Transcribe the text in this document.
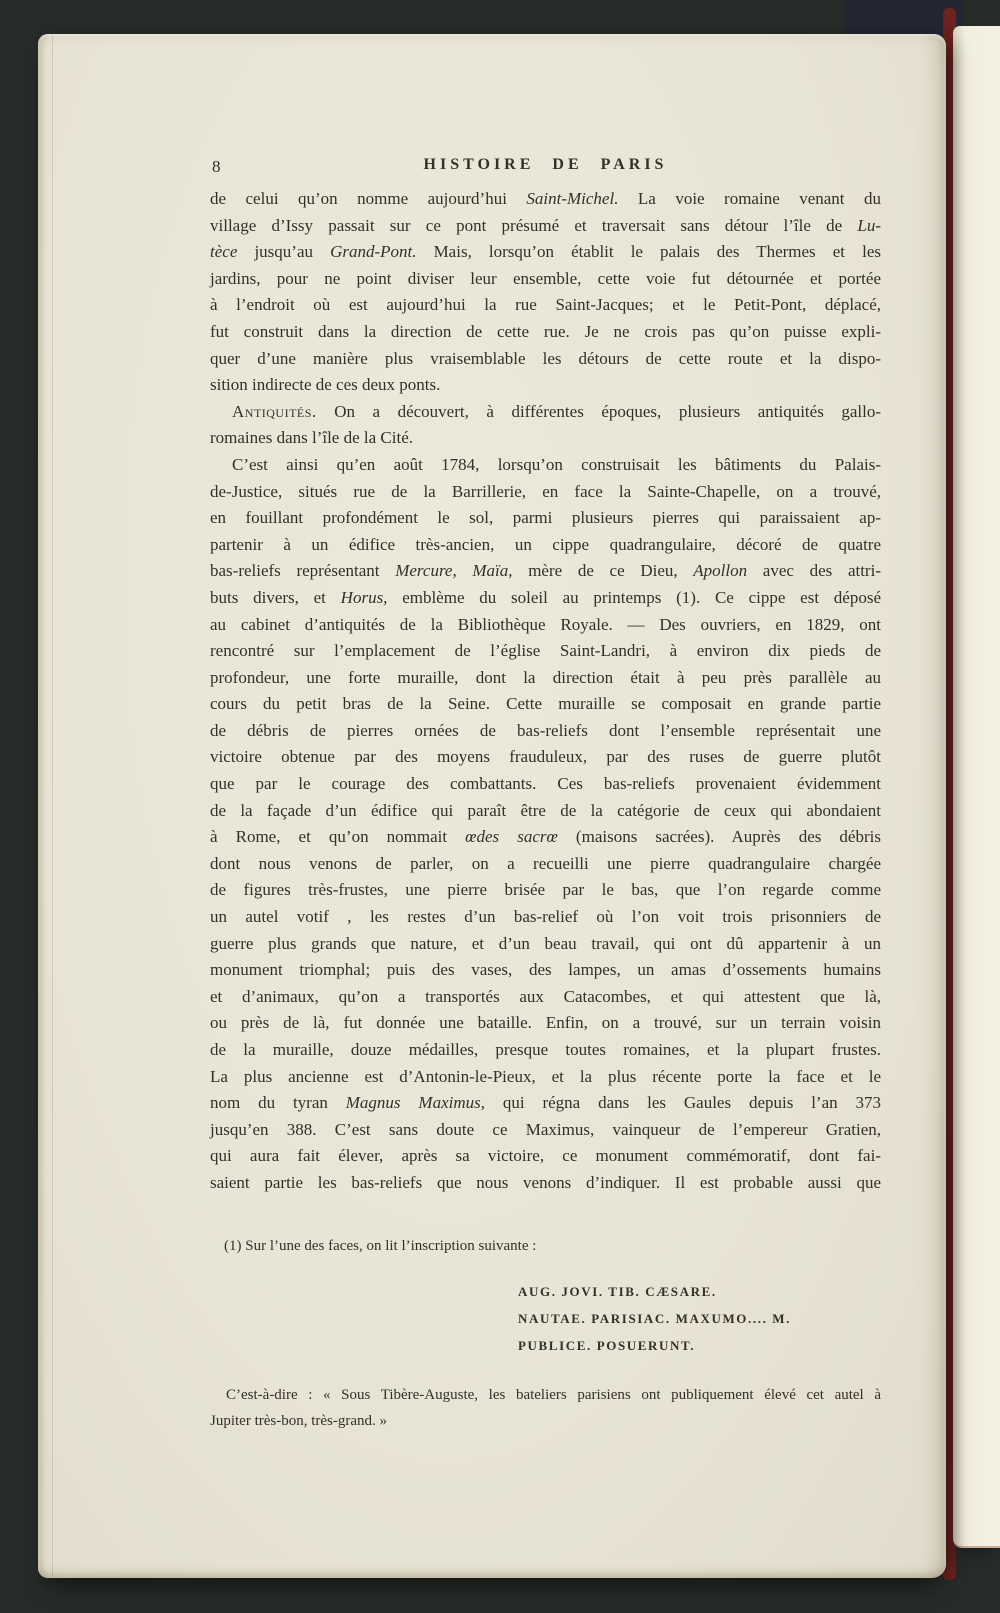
8	HISTOIRE DE PARIS
de celui qu’on nomme aujourd’hui Saint-Michel. La voie romaine venant du
village d’Issy passait sur ce pont présumé et traversait sans détour l’île de Lu-
tèce jusqu’au Grand-Pont. Mais, lorsqu’on établit le palais des Thermes et les
jardins, pour ne point diviser leur ensemble, cette voie fut détournée et portée
à l’endroit où est aujourd’hui la rue Saint-Jacques; et le Petit-Pont, déplacé,
fut construit dans la direction de cette rue. Je ne crois pas qu’on puisse expli-
quer d’une manière plus vraisemblable les détours de cette route et la dispo-
sition indirecte de ces deux ponts.
Antiquités. On a découvert, à différentes époques, plusieurs antiquités gallo-
romaines dans l’île de la Cité.
C’est ainsi qu’en août 1784, lorsqu’on construisait les bâtiments du Palais-
de-Justice, situés rue de la Barrillerie, en face la Sainte-Chapelle, on a trouvé,
en fouillant profondément le sol, parmi plusieurs pierres qui paraissaient ap-
partenir à un édifice très-ancien, un cippe quadrangulaire, décoré de quatre
bas-reliefs représentant Mercure, Maïa, mère de ce Dieu, Apollon avec des attri-
buts divers, et Horus, emblème du soleil au printemps (1). Ce cippe est déposé
au cabinet d’antiquités de la Bibliothèque Royale. — Des ouvriers, en 1829, ont
rencontré sur l’emplacement de l’église Saint-Landri, à environ dix pieds de
profondeur, une forte muraille, dont la direction était à peu près parallèle au
cours du petit bras de la Seine. Cette muraille se composait en grande partie
de débris de pierres ornées de bas-reliefs dont l’ensemble représentait une
victoire obtenue par des moyens frauduleux, par des ruses de guerre plutôt
que par le courage des combattants. Ces bas-reliefs provenaient évidemment
de la façade d’un édifice qui paraît être de la catégorie de ceux qui abondaient
à Rome, et qu’on nommait œdes sacrœ (maisons sacrées). Auprès des débris
dont nous venons de parler, on a recueilli une pierre quadrangulaire chargée
de figures très-frustes, une pierre brisée par le bas, que l’on regarde comme
un autel votif , les restes d’un bas-relief où l’on voit trois prisonniers de
guerre plus grands que nature, et d’un beau travail, qui ont dû appartenir à un
monument triomphal; puis des vases, des lampes, un amas d’ossements humains
et d’animaux, qu’on a transportés aux Catacombes, et qui attestent que là,
ou près de là, fut donnée une bataille. Enfin, on a trouvé, sur un terrain voisin
de la muraille, douze médailles, presque toutes romaines, et la plupart frustes.
La plus ancienne est d’Antonin-le-Pieux, et la plus récente porte la face et le
nom du tyran Magnus Maximus, qui régna dans les Gaules depuis l’an 373
jusqu’en 388. C’est sans doute ce Maximus, vainqueur de l’empereur Gratien,
qui aura fait élever, après sa victoire, ce monument commémoratif, dont fai-
saient partie les bas-reliefs que nous venons d’indiquer. Il est probable aussi que
(1) Sur l’une des faces, on lit l’inscription suivante :
AUG. JOVI. TIB. CÆSARE.
NAUTAE. PARISIAC. MAXUMO.... M.
PUBLICE. POSUERUNT.
C’est-à-dire : « Sous Tibère-Auguste, les bateliers parisiens ont publiquement élevé cet autel à
Jupiter très-bon, très-grand. »
